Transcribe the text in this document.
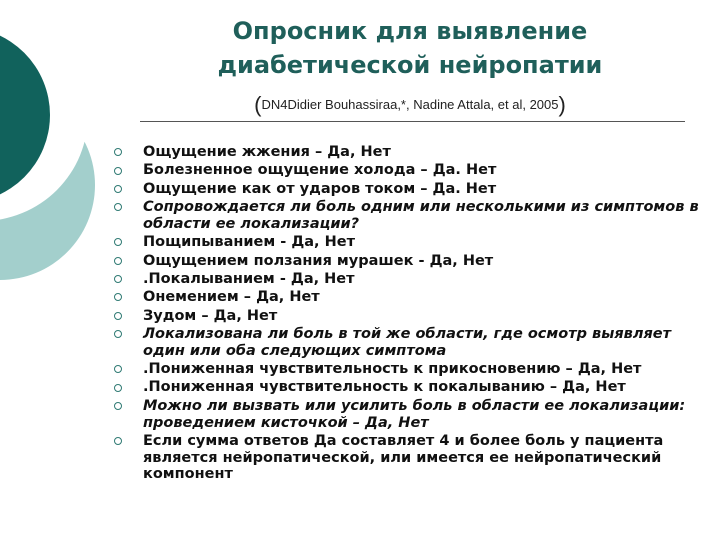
Опросник для выявление
диабетической нейропатии
(DN4Didier Bouhassiraa,*, Nadine Attala, et al, 2005)
Ощущение жжения – Да, Нет
Болезненное ощущение холода – Да. Нет
Ощущение как от ударов током – Да. Нет
Сопровождается ли боль одним или несколькими из симптомов в области ее локализации?
Пощипыванием - Да, Нет
Ощущением ползания мурашек - Да, Нет
.Покалыванием - Да, Нет
Онемением – Да, Нет
Зудом – Да, Нет
Локализована ли боль в той же области, где осмотр выявляет один или оба следующих симптома
.Пониженная чувствительность к прикосновению – Да, Нет
.Пониженная чувствительность к покалыванию – Да, Нет
Можно ли вызвать или усилить боль в области ее локализации: проведением кисточкой – Да, Нет
Если сумма ответов Да составляет 4 и более боль у пациента является нейропатической, или имеется ее нейропатический компонент
